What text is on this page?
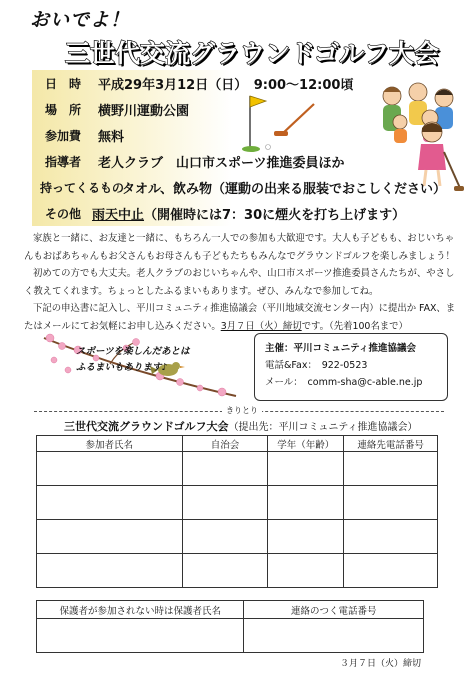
おいでよ！
三世代交流グラウンドゴルフ大会
日　時 平成29年3月12日（日）　9:00～12:00頃
場　所 横野川運動公園
参加費 無料
指導者 老人クラブ　山口市スポーツ推進委員ほか
持ってくるもの
タオル、飲み物（運動の出来る服装でおこしください）
その他 雨天中止（開催時には7：30に煙火を打ち上げます）

家族と一緒に、お友達と一緒に、もちろん一人での参加も大歓迎です。大人も子どもも、おじいちゃんもおばあちゃんもお父さんもお母さんも子どもたちもみんなでグラウンドゴルフを楽しみましょう！

初めての方でも大丈夫。老人クラブのおじいちゃんや、山口市スポーツ推進委員さんたちが、やさしく教えてくれます。ちょっとしたふるまいもあります。ぜひ、みんなで参加してね。

下記の申込書に記入し、平川コミュニティ推進協議会（平川地域交流センター内）に提出か FAX、またはメールにてお気軽にお申し込みください。3月７日（火）締切です。（先着100名まで）

スポーツを楽しんだあとは
ふるまいもあります♪
主催：平川コミュニティ推進協議会
電話&Fax：　922-0523
メール：　comm-sha@c-able.ne.jp
きりとり
三世代交流グラウンドゴルフ大会（提出先：平川コミュニティ推進協議会）
参加者氏名	自治会	学年（年齢）	連絡先電話番号

保護者が参加されない時は保護者氏名	連絡のつく電話番号

３月７日（火）締切
